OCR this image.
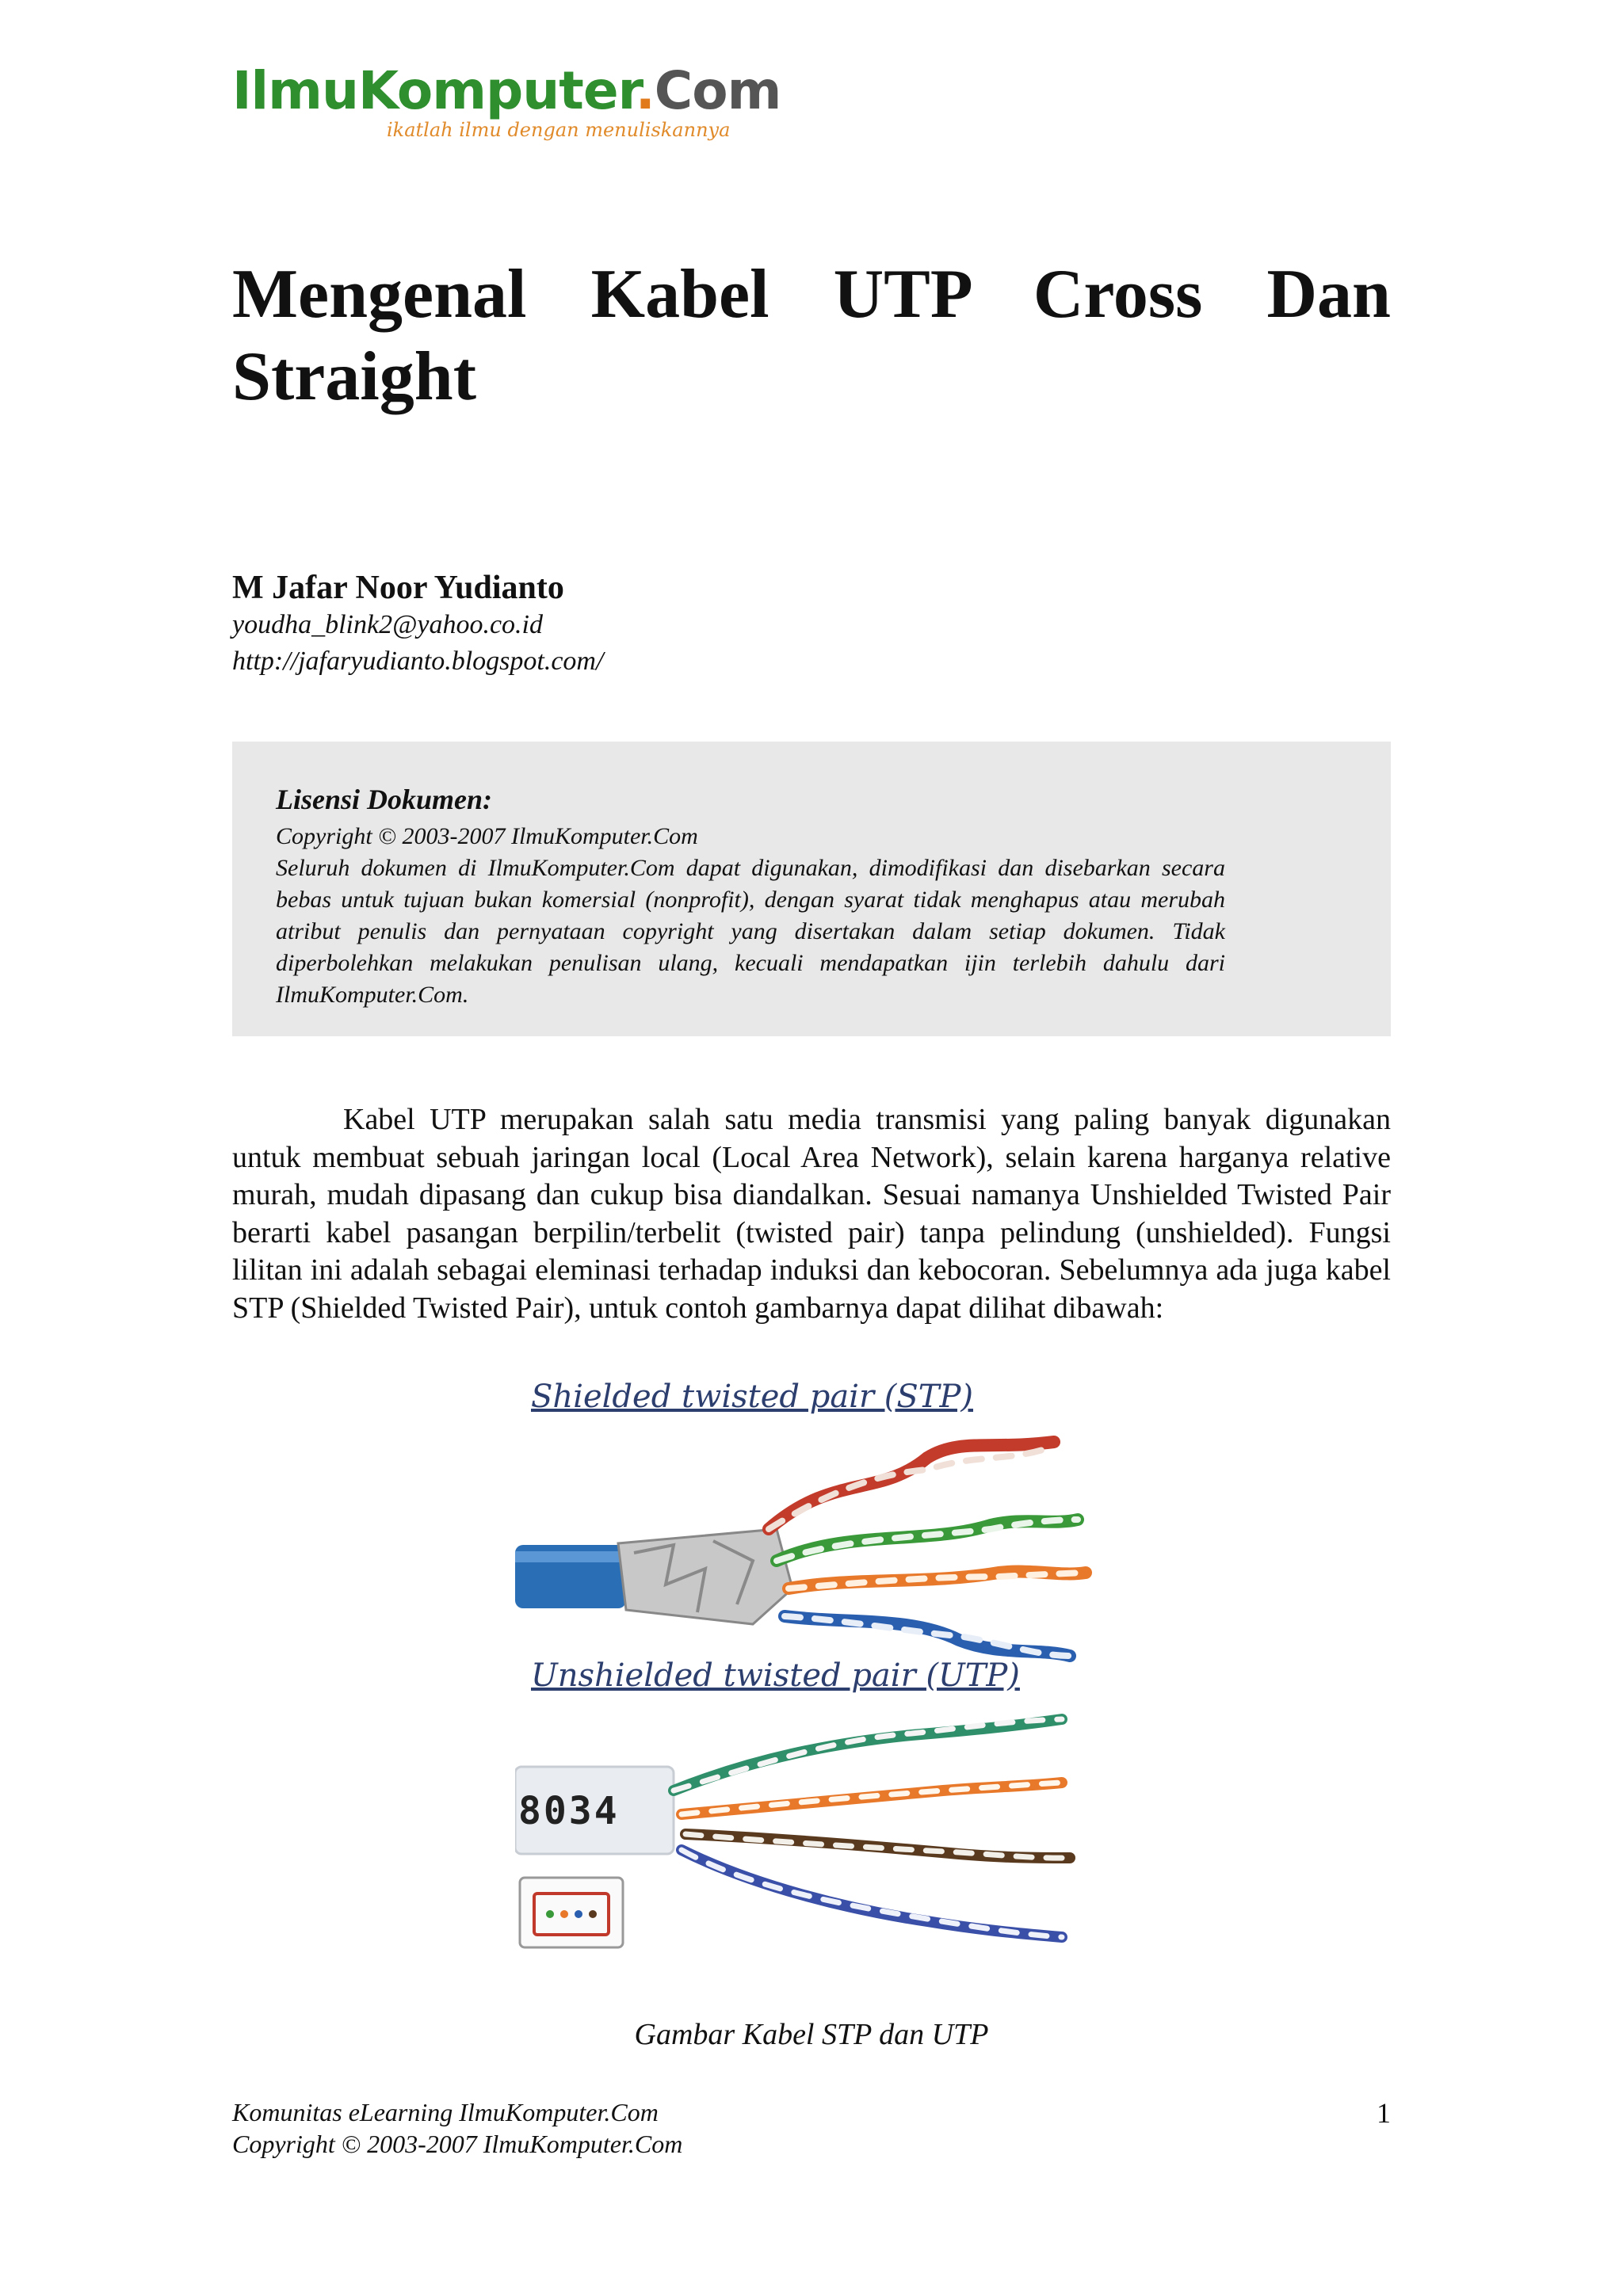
IlmuKomputer.Com
ikatlah ilmu dengan menuliskannya
Mengenal Kabel UTP Cross Dan Straight
M Jafar Noor Yudianto
youdha_blink2@yahoo.co.id
http://jafaryudianto.blogspot.com/
Lisensi Dokumen:
Copyright © 2003-2007 IlmuKomputer.Com
Seluruh dokumen di IlmuKomputer.Com dapat digunakan, dimodifikasi dan disebarkan secara bebas untuk tujuan bukan komersial (nonprofit), dengan syarat tidak menghapus atau merubah atribut penulis dan pernyataan copyright yang disertakan dalam setiap dokumen. Tidak diperbolehkan melakukan penulisan ulang, kecuali mendapatkan ijin terlebih dahulu dari IlmuKomputer.Com.
Kabel UTP merupakan salah satu media transmisi yang paling banyak digunakan untuk membuat sebuah jaringan local (Local Area Network), selain karena harganya relative murah, mudah dipasang dan cukup bisa diandalkan. Sesuai namanya Unshielded Twisted Pair berarti kabel pasangan berpilin/terbelit (twisted pair) tanpa pelindung (unshielded). Fungsi lilitan ini adalah sebagai eleminasi terhadap induksi dan kebocoran. Sebelumnya ada juga kabel STP (Shielded Twisted Pair), untuk contoh gambarnya dapat dilihat dibawah:
Shielded twisted pair (STP)
Unshielded twisted pair (UTP)
8034
Gambar Kabel STP dan UTP
Komunitas eLearning IlmuKomputer.Com
Copyright © 2003-2007 IlmuKomputer.Com
1
